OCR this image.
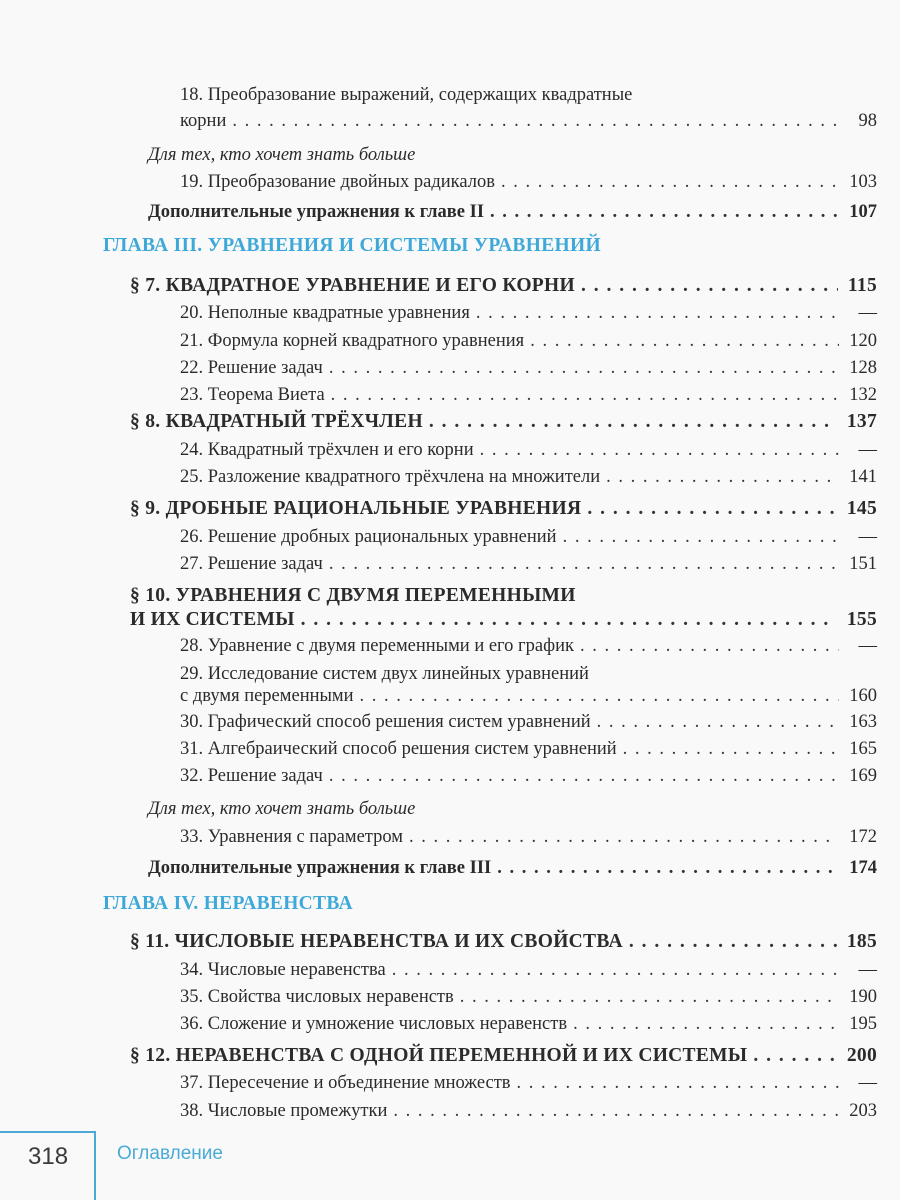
18. Преобразование выражений, содержащих квадратные
корни . . .	98
Для тех, кто хочет знать больше
19. Преобразование двойных радикалов . . .	103
Дополнительные упражнения к главе II . . .	107
ГЛАВА III. УРАВНЕНИЯ И СИСТЕМЫ УРАВНЕНИЙ
§ 7. КВАДРАТНОЕ УРАВНЕНИЕ И ЕГО КОРНИ . . .	115
20. Неполные квадратные уравнения . . .	—
21. Формула корней квадратного уравнения . . .	120
22. Решение задач . . .	128
23. Теорема Виета . . .	132
§ 8. КВАДРАТНЫЙ ТРЁХЧЛЕН . . .	137
24. Квадратный трёхчлен и его корни . . .	—
25. Разложение квадратного трёхчлена на множители . . .	141
§ 9. ДРОБНЫЕ РАЦИОНАЛЬНЫЕ УРАВНЕНИЯ . . .	145
26. Решение дробных рациональных уравнений . . .	—
27. Решение задач . . .	151
§ 10. УРАВНЕНИЯ С ДВУМЯ ПЕРЕМЕННЫМИ
И ИХ СИСТЕМЫ . . .	155
28. Уравнение с двумя переменными и его график . . .	—
29. Исследование систем двух линейных уравнений
с двумя переменными . . .	160
30. Графический способ решения систем уравнений . . .	163
31. Алгебраический способ решения систем уравнений . . .	165
32. Решение задач . . .	169
Для тех, кто хочет знать больше
33. Уравнения с параметром . . .	172
Дополнительные упражнения к главе III . . .	174
ГЛАВА IV. НЕРАВЕНСТВА
§ 11. ЧИСЛОВЫЕ НЕРАВЕНСТВА И ИХ СВОЙСТВА . . .	185
34. Числовые неравенства . . .	—
35. Свойства числовых неравенств . . .	190
36. Сложение и умножение числовых неравенств . . .	195
§ 12. НЕРАВЕНСТВА С ОДНОЙ ПЕРЕМЕННОЙ И ИХ СИСТЕМЫ . . .	200
37. Пересечение и объединение множеств . . .	—
38. Числовые промежутки . . .	203
318	Оглавление
